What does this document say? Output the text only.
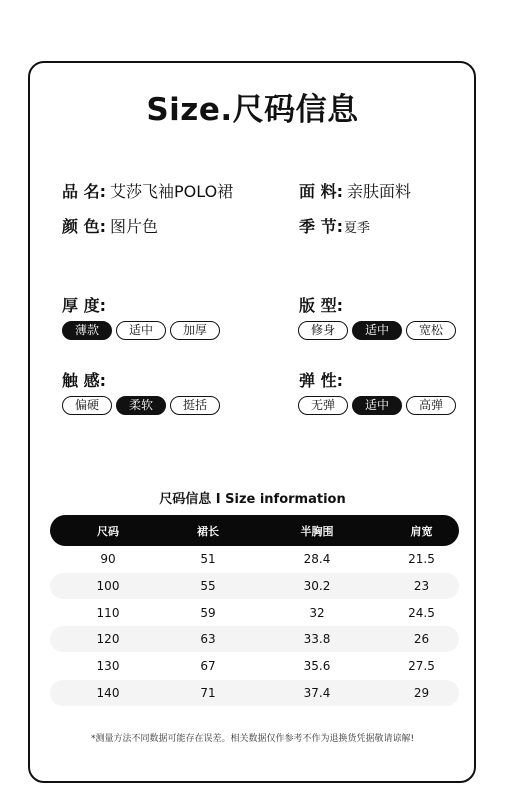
Size.尺码信息
品 名: 艾莎飞袖POLO裙	面 料: 亲肤面料
颜 色: 图片色	季 节:夏季
厚 度:
薄款	适中	加厚
版 型:
修身	适中	宽松
触 感:
偏硬	柔软	挺括
弹 性:
无弹	适中	高弹
尺码信息 I Size information
尺码	裙长	半胸围	肩宽
90	51	28.4	21.5
100	55	30.2	23
110	59	32	24.5
120	63	33.8	26
130	67	35.6	27.5
140	71	37.4	29
*测量方法不同数据可能存在误差。相关数据仅作参考不作为退换货凭据敬请谅解!
